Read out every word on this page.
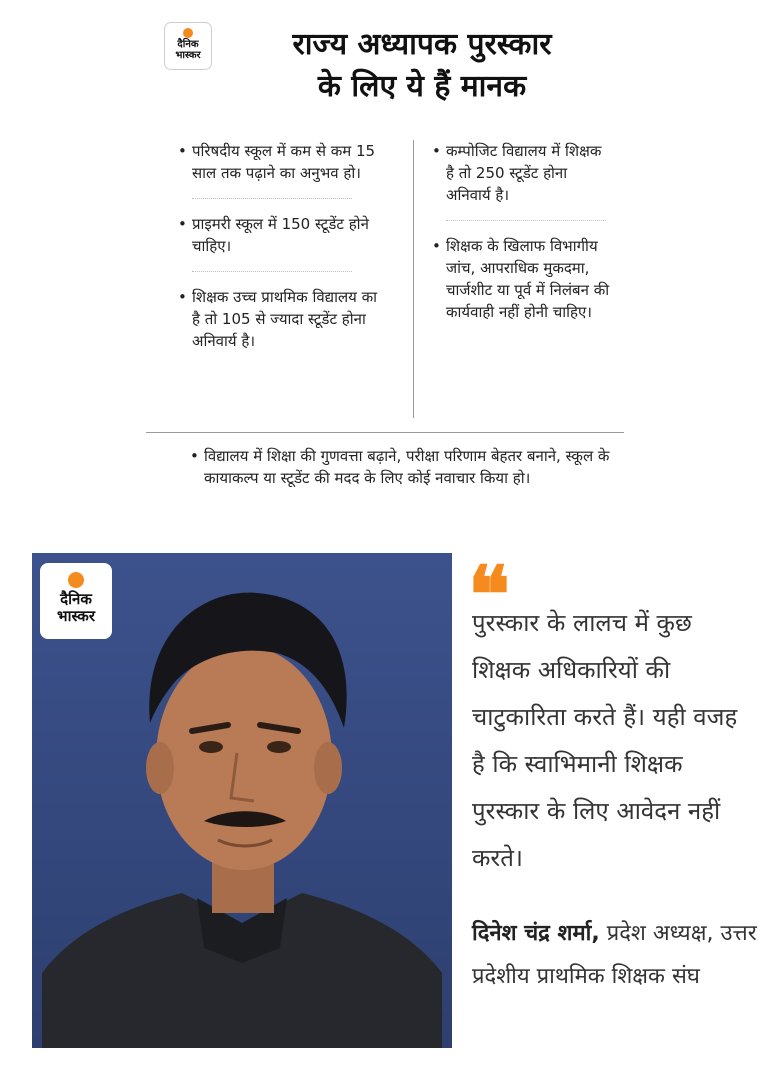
दैनिक
भास्कर	राज्य अध्यापक पुरस्कार
के लिए ये हैं मानक
• परिषदीय स्कूल में कम से कम 15 साल तक पढ़ाने का अनुभव हो।
• प्राइमरी स्कूल में 150 स्टूडेंट होने चाहिए।
• शिक्षक उच्च प्राथमिक विद्यालय का है तो 105 से ज्यादा स्टूडेंट होना अनिवार्य है।
• कम्पोजिट विद्यालय में शिक्षक है तो 250 स्टूडेंट होना अनिवार्य है।
• शिक्षक के खिलाफ विभागीय जांच, आपराधिक मुकदमा, चार्जशीट या पूर्व में निलंबन की कार्यवाही नहीं होनी चाहिए।
• विद्यालय में शिक्षा की गुणवत्ता बढ़ाने, परीक्षा परिणाम बेहतर बनाने, स्कूल के कायाकल्प या स्टूडेंट की मदद के लिए कोई नवाचार किया हो।
दैनिक
भास्कर	❝
पुरस्कार के लालच में कुछ शिक्षक अधिकारियों की चाटुकारिता करते हैं। यही वजह है कि स्वाभिमानी शिक्षक पुरस्कार के लिए आवेदन नहीं करते।
दिनेश चंद्र शर्मा, प्रदेश अध्यक्ष, उत्तर प्रदेशीय प्राथमिक शिक्षक संघ
